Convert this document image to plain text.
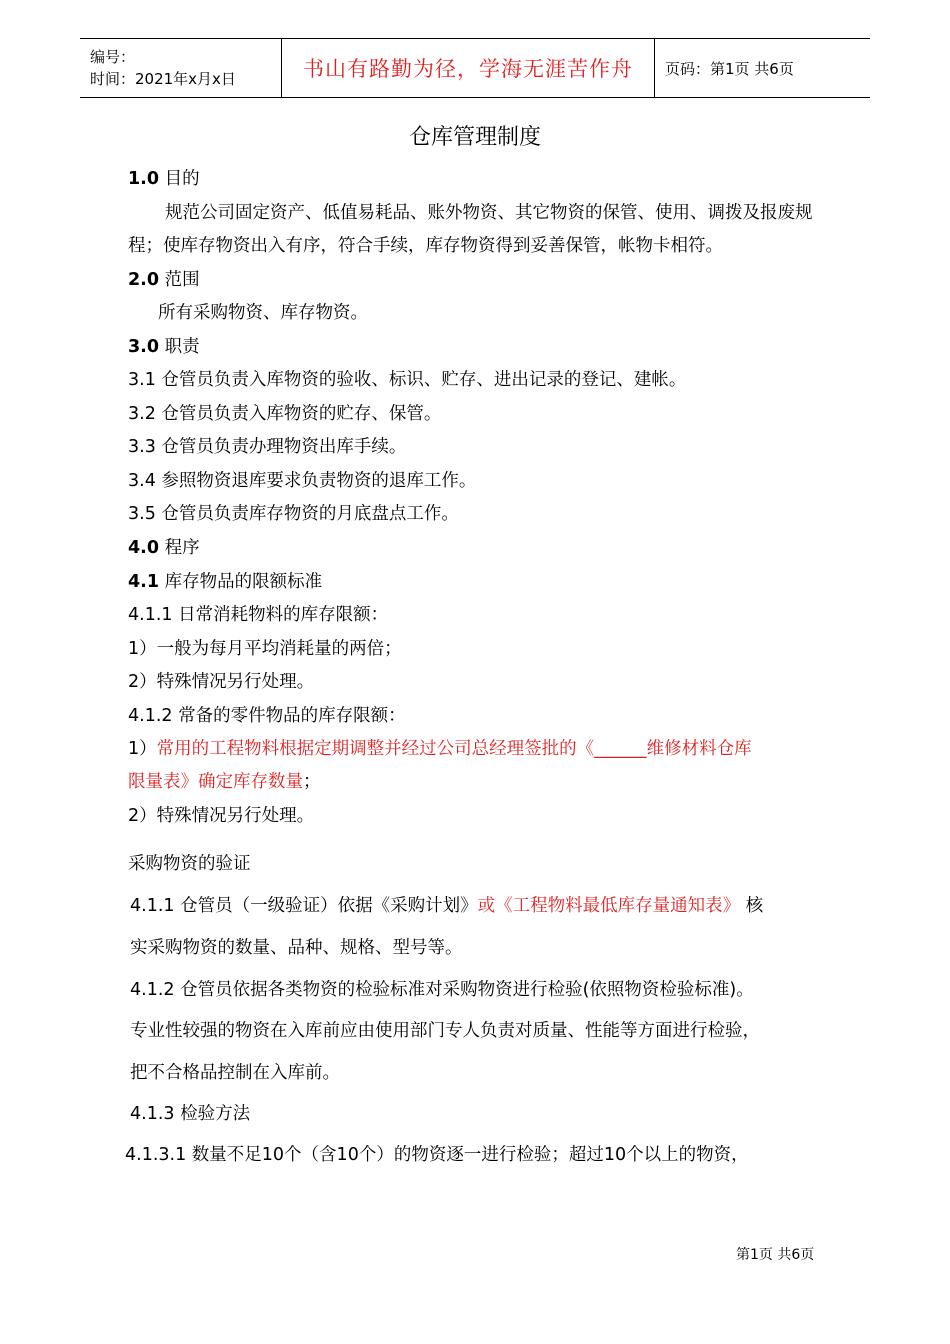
编号：
时间：2021年x月x日	书山有路勤为径，学海无涯苦作舟	页码：第1页 共6页
仓库管理制度
1.0 目的
规范公司固定资产、低值易耗品、账外物资、其它物资的保管、使用、调拨及报废规
程；使库存物资出入有序，符合手续，库存物资得到妥善保管，帐物卡相符。
2.0 范围
所有采购物资、库存物资。
3.0 职责
3.1 仓管员负责入库物资的验收、标识、贮存、进出记录的登记、建帐。
3.2 仓管员负责入库物资的贮存、保管。
3.3 仓管员负责办理物资出库手续。
3.4 参照物资退库要求负责物资的退库工作。
3.5 仓管员负责库存物资的月底盘点工作。
4.0 程序
4.1 库存物品的限额标准
4.1.1 日常消耗物料的库存限额：
1）一般为每月平均消耗量的两倍；
2）特殊情况另行处理。
4.1.2 常备的零件物品的库存限额：
1）常用的工程物料根据定期调整并经过公司总经理签批的《______维修材料仓库
限量表》确定库存数量；
2）特殊情况另行处理。
采购物资的验证
4.1.1 仓管员（一级验证）依据《采购计划》或《工程物料最低库存量通知表》 核
实采购物资的数量、品种、规格、型号等。
4.1.2 仓管员依据各类物资的检验标准对采购物资进行检验(依照物资检验标准)。
专业性较强的物资在入库前应由使用部门专人负责对质量、性能等方面进行检验，
把不合格品控制在入库前。
4.1.3 检验方法
4.1.3.1 数量不足10个（含10个）的物资逐一进行检验；超过10个以上的物资，
第1页 共6页
